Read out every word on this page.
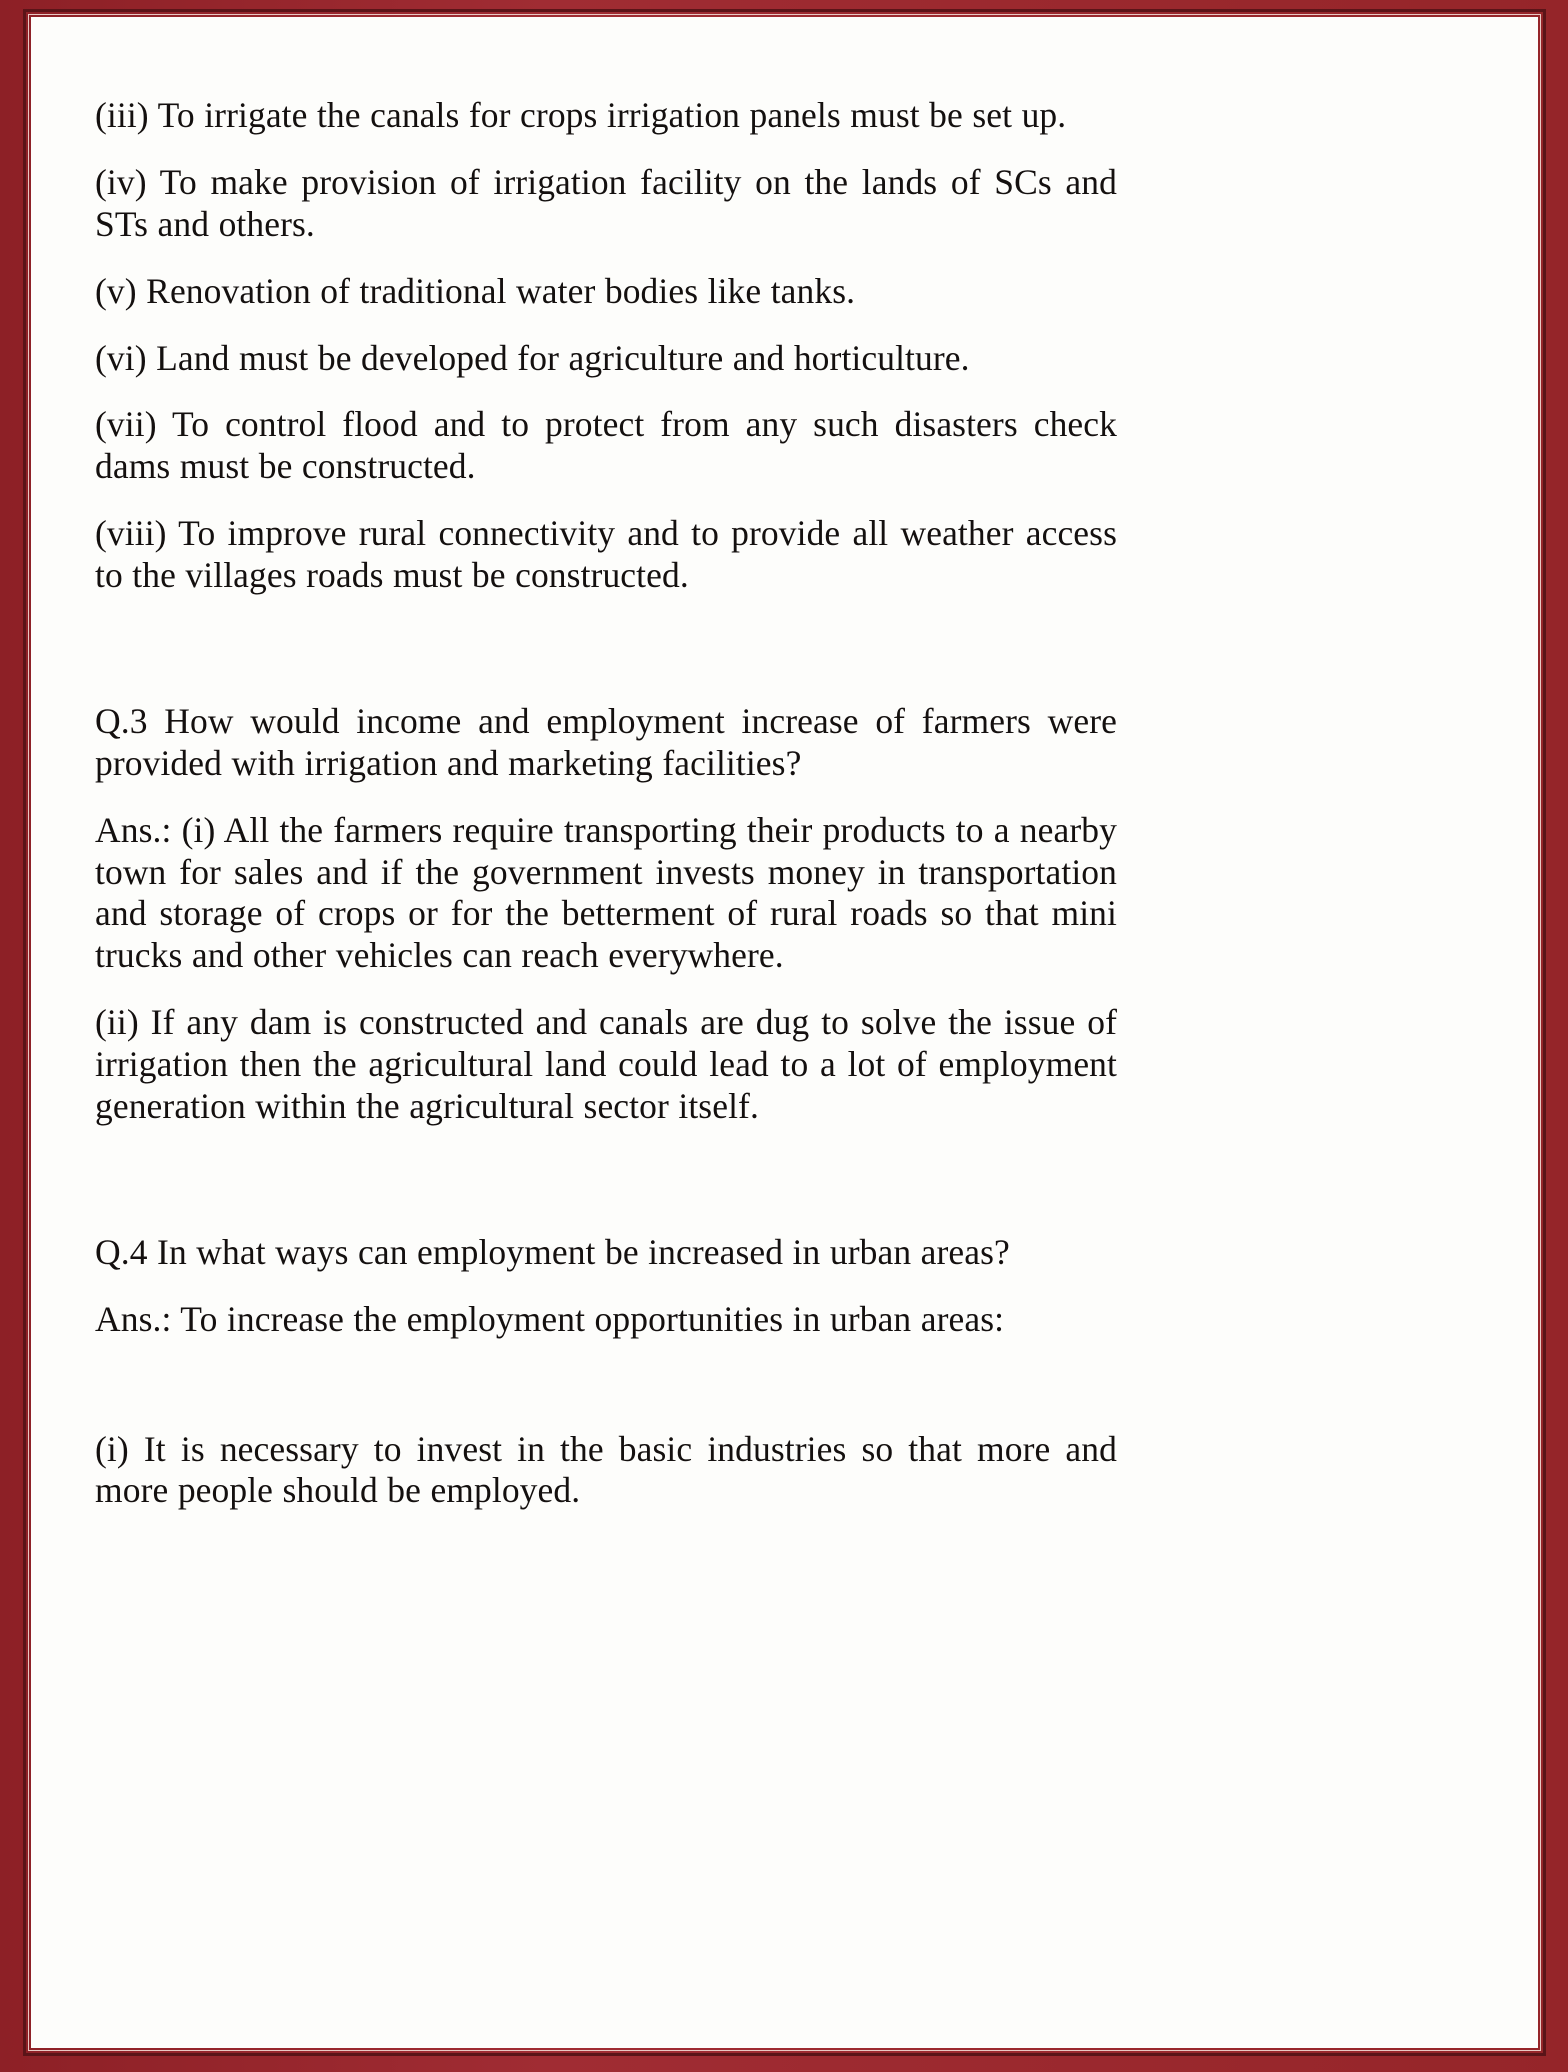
(iii) To irrigate the canals for crops irrigation panels must be set up.

(iv) To make provision of irrigation facility on the lands of SCs and STs and others.

(v) Renovation of traditional water bodies like tanks.

(vi) Land must be developed for agriculture and horticulture.

(vii) To control flood and to protect from any such disasters check dams must be constructed.

(viii) To improve rural connectivity and to provide all weather access to the villages roads must be constructed.

Q.3 How would income and employment increase of farmers were provided with irrigation and marketing facilities?

Ans.: (i) All the farmers require transporting their products to a nearby town for sales and if the government invests money in transportation and storage of crops or for the betterment of rural roads so that mini trucks and other vehicles can reach everywhere.

(ii) If any dam is constructed and canals are dug to solve the issue of irrigation then the agricultural land could lead to a lot of employment generation within the agricultural sector itself.

Q.4 In what ways can employment be increased in urban areas?

Ans.: To increase the employment opportunities in urban areas:

(i) It is necessary to invest in the basic industries so that more and more people should be employed.
